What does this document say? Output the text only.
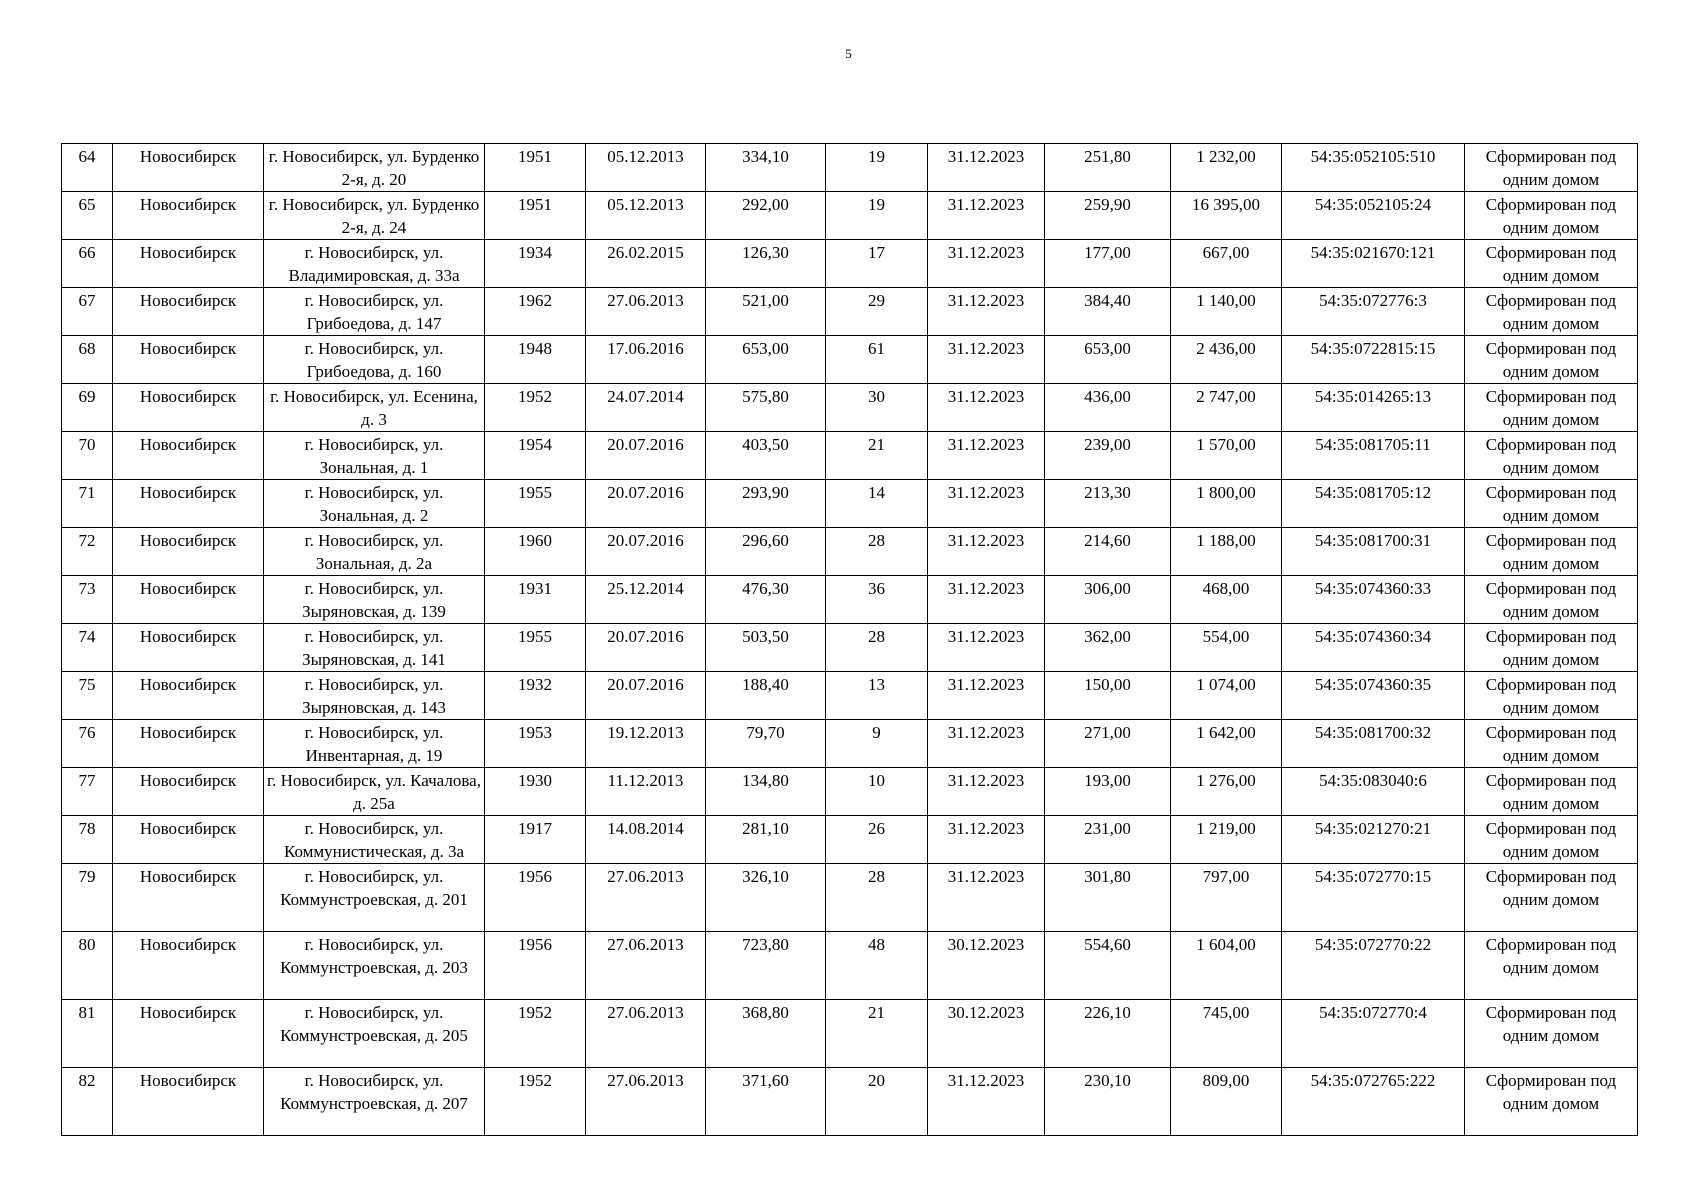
5
64	Новосибирск	г. Новосибирск, ул. Бурденко 2-я, д. 20	1951	05.12.2013	334,10	19	31.12.2023	251,80	1 232,00	54:35:052105:510	Сформирован под одним домом
65	Новосибирск	г. Новосибирск, ул. Бурденко 2-я, д. 24	1951	05.12.2013	292,00	19	31.12.2023	259,90	16 395,00	54:35:052105:24	Сформирован под одним домом
66	Новосибирск	г. Новосибирск, ул. Владимировская, д. 33а	1934	26.02.2015	126,30	17	31.12.2023	177,00	667,00	54:35:021670:121	Сформирован под одним домом
67	Новосибирск	г. Новосибирск, ул. Грибоедова, д. 147	1962	27.06.2013	521,00	29	31.12.2023	384,40	1 140,00	54:35:072776:3	Сформирован под одним домом
68	Новосибирск	г. Новосибирск, ул. Грибоедова, д. 160	1948	17.06.2016	653,00	61	31.12.2023	653,00	2 436,00	54:35:0722815:15	Сформирован под одним домом
69	Новосибирск	г. Новосибирск, ул. Есенина, д. 3	1952	24.07.2014	575,80	30	31.12.2023	436,00	2 747,00	54:35:014265:13	Сформирован под одним домом
70	Новосибирск	г. Новосибирск, ул. Зональная, д. 1	1954	20.07.2016	403,50	21	31.12.2023	239,00	1 570,00	54:35:081705:11	Сформирован под одним домом
71	Новосибирск	г. Новосибирск, ул. Зональная, д. 2	1955	20.07.2016	293,90	14	31.12.2023	213,30	1 800,00	54:35:081705:12	Сформирован под одним домом
72	Новосибирск	г. Новосибирск, ул. Зональная, д. 2а	1960	20.07.2016	296,60	28	31.12.2023	214,60	1 188,00	54:35:081700:31	Сформирован под одним домом
73	Новосибирск	г. Новосибирск, ул. Зыряновская, д. 139	1931	25.12.2014	476,30	36	31.12.2023	306,00	468,00	54:35:074360:33	Сформирован под одним домом
74	Новосибирск	г. Новосибирск, ул. Зыряновская, д. 141	1955	20.07.2016	503,50	28	31.12.2023	362,00	554,00	54:35:074360:34	Сформирован под одним домом
75	Новосибирск	г. Новосибирск, ул. Зыряновская, д. 143	1932	20.07.2016	188,40	13	31.12.2023	150,00	1 074,00	54:35:074360:35	Сформирован под одним домом
76	Новосибирск	г. Новосибирск, ул. Инвентарная, д. 19	1953	19.12.2013	79,70	9	31.12.2023	271,00	1 642,00	54:35:081700:32	Сформирован под одним домом
77	Новосибирск	г. Новосибирск, ул. Качалова, д. 25а	1930	11.12.2013	134,80	10	31.12.2023	193,00	1 276,00	54:35:083040:6	Сформирован под одним домом
78	Новосибирск	г. Новосибирск, ул. Коммунистическая, д. 3а	1917	14.08.2014	281,10	26	31.12.2023	231,00	1 219,00	54:35:021270:21	Сформирован под одним домом
79	Новосибирск	г. Новосибирск, ул. Коммунстроевская, д. 201	1956	27.06.2013	326,10	28	31.12.2023	301,80	797,00	54:35:072770:15	Сформирован под одним домом
80	Новосибирск	г. Новосибирск, ул. Коммунстроевская, д. 203	1956	27.06.2013	723,80	48	30.12.2023	554,60	1 604,00	54:35:072770:22	Сформирован под одним домом
81	Новосибирск	г. Новосибирск, ул. Коммунстроевская, д. 205	1952	27.06.2013	368,80	21	30.12.2023	226,10	745,00	54:35:072770:4	Сформирован под одним домом
82	Новосибирск	г. Новосибирск, ул. Коммунстроевская, д. 207	1952	27.06.2013	371,60	20	31.12.2023	230,10	809,00	54:35:072765:222	Сформирован под одним домом
